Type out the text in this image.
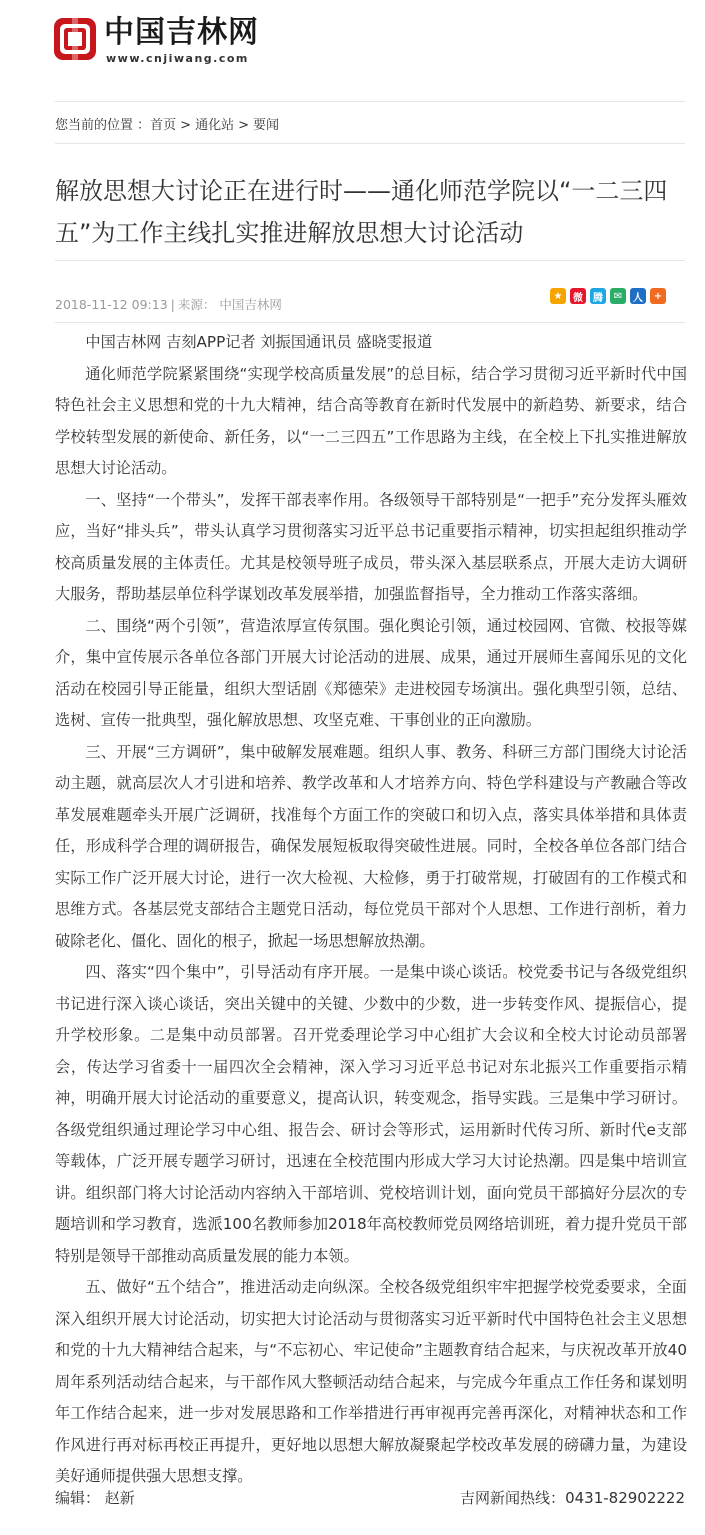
中国吉林网
www.cnjiwang.com
您当前的位置 ：首页 > 通化站 > 要闻
解放思想大讨论正在进行时——通化师范学院以“一二三四五”为工作主线扎实推进解放思想大讨论活动
2018-11-12 09:13 | 来源： 中国吉林网
★	微	腾	✉	人	+

中国吉林网 吉刻APP记者 刘振国通讯员 盛晓雯报道

通化师范学院紧紧围绕“实现学校高质量发展”的总目标，结合学习贯彻习近平新时代中国特色社会主义思想和党的十九大精神，结合高等教育在新时代发展中的新趋势、新要求，结合学校转型发展的新使命、新任务，以“一二三四五”工作思路为主线，在全校上下扎实推进解放思想大讨论活动。

一、坚持“一个带头”，发挥干部表率作用。各级领导干部特别是“一把手”充分发挥头雁效应，当好“排头兵”，带头认真学习贯彻落实习近平总书记重要指示精神，切实担起组织推动学校高质量发展的主体责任。尤其是校领导班子成员，带头深入基层联系点，开展大走访大调研大服务，帮助基层单位科学谋划改革发展举措，加强监督指导，全力推动工作落实落细。

二、围绕“两个引领”，营造浓厚宣传氛围。强化舆论引领，通过校园网、官微、校报等媒介，集中宣传展示各单位各部门开展大讨论活动的进展、成果，通过开展师生喜闻乐见的文化活动在校园引导正能量，组织大型话剧《郑德荣》走进校园专场演出。强化典型引领，总结、选树、宣传一批典型，强化解放思想、攻坚克难、干事创业的正向激励。

三、开展“三方调研”，集中破解发展难题。组织人事、教务、科研三方部门围绕大讨论活动主题，就高层次人才引进和培养、教学改革和人才培养方向、特色学科建设与产教融合等改革发展难题牵头开展广泛调研，找准每个方面工作的突破口和切入点，落实具体举措和具体责任，形成科学合理的调研报告，确保发展短板取得突破性进展。同时，全校各单位各部门结合实际工作广泛开展大讨论，进行一次大检视、大检修，勇于打破常规，打破固有的工作模式和思维方式。各基层党支部结合主题党日活动，每位党员干部对个人思想、工作进行剖析，着力破除老化、僵化、固化的根子，掀起一场思想解放热潮。

四、落实“四个集中”，引导活动有序开展。一是集中谈心谈话。校党委书记与各级党组织书记进行深入谈心谈话，突出关键中的关键、少数中的少数，进一步转变作风、提振信心，提升学校形象。二是集中动员部署。召开党委理论学习中心组扩大会议和全校大讨论动员部署会，传达学习省委十一届四次全会精神，深入学习习近平总书记对东北振兴工作重要指示精神，明确开展大讨论活动的重要意义，提高认识，转变观念，指导实践。三是集中学习研讨。各级党组织通过理论学习中心组、报告会、研讨会等形式，运用新时代传习所、新时代e支部等载体，广泛开展专题学习研讨，迅速在全校范围内形成大学习大讨论热潮。四是集中培训宣讲。组织部门将大讨论活动内容纳入干部培训、党校培训计划，面向党员干部搞好分层次的专题培训和学习教育，选派100名教师参加2018年高校教师党员网络培训班，着力提升党员干部特别是领导干部推动高质量发展的能力本领。

五、做好“五个结合”，推进活动走向纵深。全校各级党组织牢牢把握学校党委要求，全面深入组织开展大讨论活动，切实把大讨论活动与贯彻落实习近平新时代中国特色社会主义思想和党的十九大精神结合起来，与“不忘初心、牢记使命”主题教育结合起来，与庆祝改革开放40周年系列活动结合起来，与干部作风大整顿活动结合起来，与完成今年重点工作任务和谋划明年工作结合起来，进一步对发展思路和工作举措进行再审视再完善再深化，对精神状态和工作作风进行再对标再校正再提升，更好地以思想大解放凝聚起学校改革发展的磅礴力量，为建设美好通师提供强大思想支撑。

编辑： 赵新	吉网新闻热线：0431-82902222
